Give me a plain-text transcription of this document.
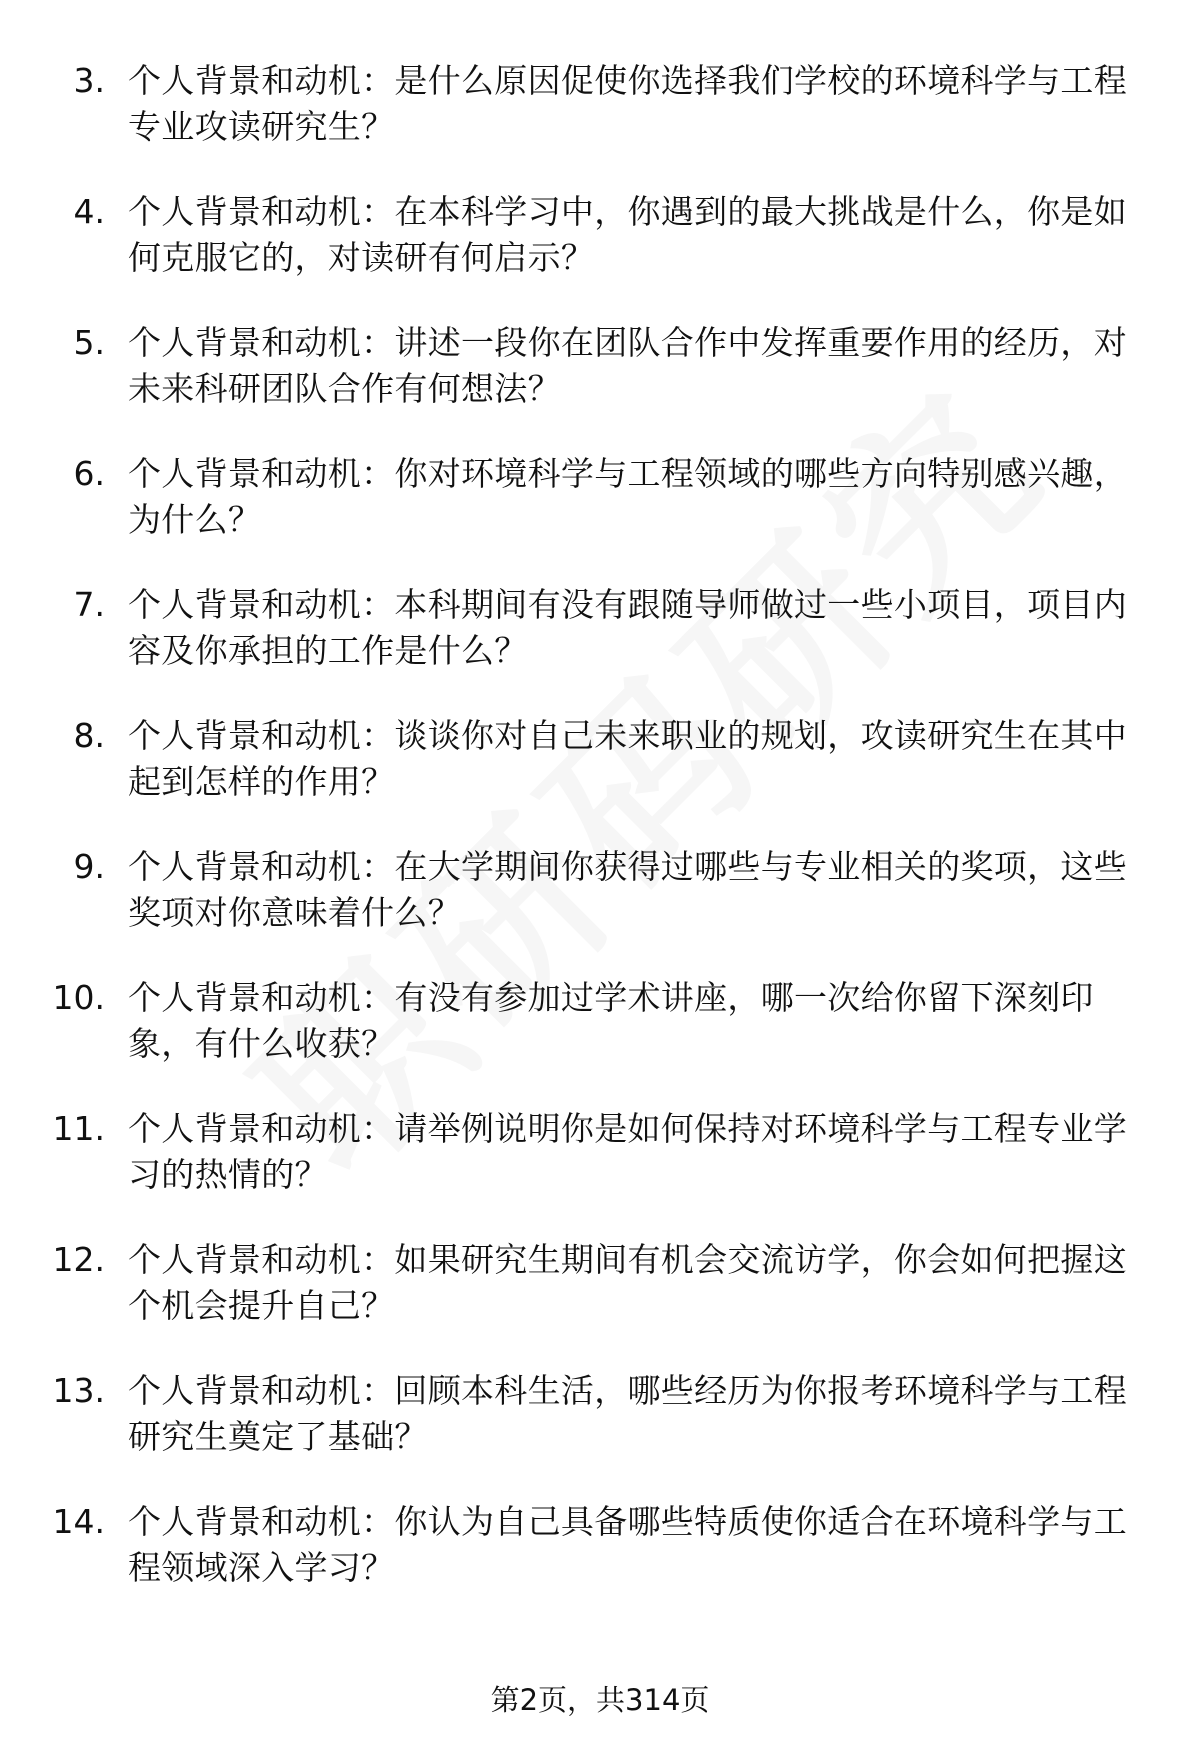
3. 个人背景和动机：是什么原因促使你选择我们学校的环境科学与工程专业攻读研究生？
4. 个人背景和动机：在本科学习中，你遇到的最大挑战是什么，你是如何克服它的，对读研有何启示？
5. 个人背景和动机：讲述一段你在团队合作中发挥重要作用的经历，对未来科研团队合作有何想法？
6. 个人背景和动机：你对环境科学与工程领域的哪些方向特别感兴趣，为什么？
7. 个人背景和动机：本科期间有没有跟随导师做过一些小项目，项目内容及你承担的工作是什么？
8. 个人背景和动机：谈谈你对自己未来职业的规划，攻读研究生在其中起到怎样的作用？
9. 个人背景和动机：在大学期间你获得过哪些与专业相关的奖项，这些奖项对你意味着什么？
10. 个人背景和动机：有没有参加过学术讲座，哪一次给你留下深刻印象，有什么收获？
11. 个人背景和动机：请举例说明你是如何保持对环境科学与工程专业学习的热情的？
12. 个人背景和动机：如果研究生期间有机会交流访学，你会如何把握这个机会提升自己？
13. 个人背景和动机：回顾本科生活，哪些经历为你报考环境科学与工程研究生奠定了基础？
14. 个人背景和动机：你认为自己具备哪些特质使你适合在环境科学与工程领域深入学习？
第2页，共314页
